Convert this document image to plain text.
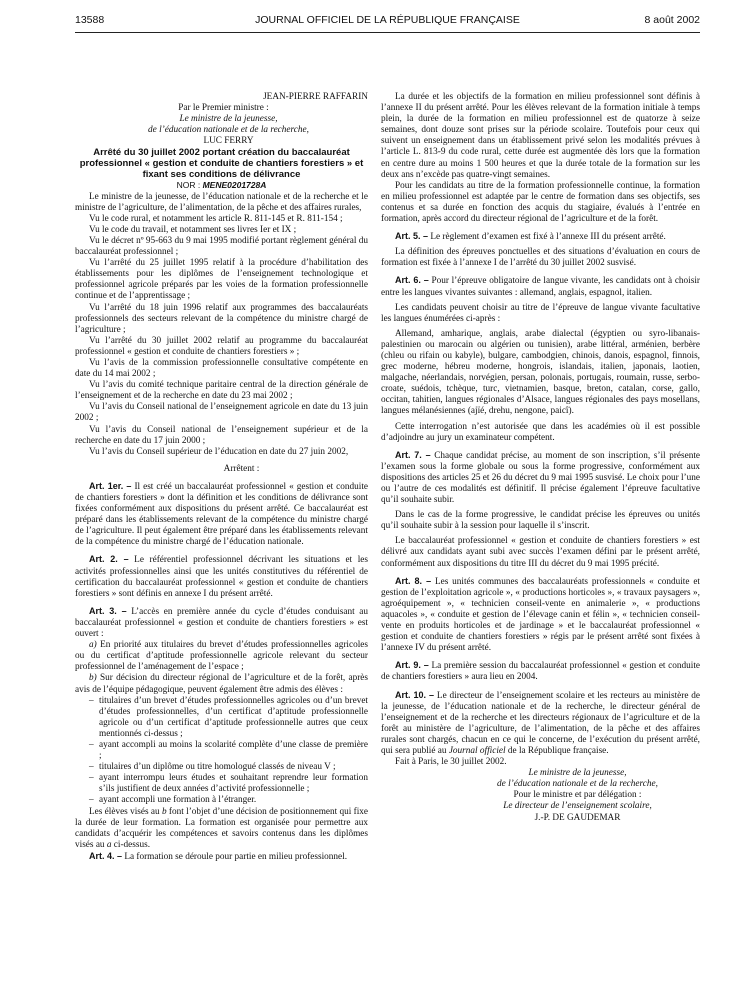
13588	JOURNAL OFFICIEL DE LA RÉPUBLIQUE FRANÇAISE	8 août 2002

JEAN-PIERRE RAFFARIN

Par le Premier ministre :

Le ministre de la jeunesse,

de l’éducation nationale et de la recherche,

LUC FERRY

Arrêté du 30 juillet 2002 portant création du baccalauréat professionnel « gestion et conduite de chantiers forestiers » et fixant ses conditions de délivrance

NOR : MENE0201728A

Le ministre de la jeunesse, de l’éducation nationale et de la recherche et le ministre de l’agriculture, de l’alimentation, de la pêche et des affaires rurales,

Vu le code rural, et notamment les article R. 811-145 et R. 811-154 ;

Vu le code du travail, et notamment ses livres Ier et IX ;

Vu le décret nº 95-663 du 9 mai 1995 modifié portant règlement général du baccalauréat professionnel ;

Vu l’arrêté du 25 juillet 1995 relatif à la procédure d’habilitation des établissements pour les diplômes de l’enseignement technologique et professionnel agricole préparés par les voies de la formation professionnelle continue et de l’apprentissage ;

Vu l’arrêté du 18 juin 1996 relatif aux programmes des baccalauréats professionnels des secteurs relevant de la compétence du ministre chargé de l’agriculture ;

Vu l’arrêté du 30 juillet 2002 relatif au programme du baccalauréat professionnel « gestion et conduite de chantiers forestiers » ;

Vu l’avis de la commission professionnelle consultative compétente en date du 14 mai 2002 ;

Vu l’avis du comité technique paritaire central de la direction générale de l’enseignement et de la recherche en date du 23 mai 2002 ;

Vu l’avis du Conseil national de l’enseignement agricole en date du 13 juin 2002 ;

Vu l’avis du Conseil national de l’enseignement supérieur et de la recherche en date du 17 juin 2000 ;

Vu l’avis du Conseil supérieur de l’éducation en date du 27 juin 2002,

Arrêtent :

Art. 1er. – Il est créé un baccalauréat professionnel « gestion et conduite de chantiers forestiers » dont la définition et les conditions de délivrance sont fixées conformément aux dispositions du présent arrêté. Ce baccalauréat est préparé dans les établissements relevant de la compétence du ministre chargé de l’agriculture. Il peut également être préparé dans les établissements relevant de la compétence du ministre chargé de l’éducation nationale.

Art. 2. – Le référentiel professionnel décrivant les situations et les activités professionnelles ainsi que les unités constitutives du référentiel de certification du baccalauréat professionnel « gestion et conduite de chantiers forestiers » sont définis en annexe I du présent arrêté.

Art. 3. – L’accès en première année du cycle d’études conduisant au baccalauréat professionnel « gestion et conduite de chantiers forestiers » est ouvert :

a) En priorité aux titulaires du brevet d’études professionnelles agricoles ou du certificat d’aptitude professionnelle agricole relevant du secteur professionnel de l’aménagement de l’espace ;

b) Sur décision du directeur régional de l’agriculture et de la forêt, après avis de l’équipe pédagogique, peuvent également être admis des élèves :

– titulaires d’un brevet d’études professionnelles agricoles ou d’un brevet d’études professionnelles, d’un certificat d’aptitude professionnelle agricole ou d’un certificat d’aptitude professionnelle autres que ceux mentionnés ci-dessus ;
– ayant accompli au moins la scolarité complète d’une classe de première ;
– titulaires d’un diplôme ou titre homologué classés de niveau V ;
– ayant interrompu leurs études et souhaitant reprendre leur formation s’ils justifient de deux années d’activité professionnelle ;
– ayant accompli une formation à l’étranger.

Les élèves visés au b font l’objet d’une décision de positionnement qui fixe la durée de leur formation. La formation est organisée pour permettre aux candidats d’acquérir les compétences et savoirs contenus dans les diplômes visés au a ci-dessus.

Art. 4. – La formation se déroule pour partie en milieu professionnel.

La durée et les objectifs de la formation en milieu professionnel sont définis à l’annexe II du présent arrêté. Pour les élèves relevant de la formation initiale à temps plein, la durée de la formation en milieu professionnel est de quatorze à seize semaines, dont douze sont prises sur la période scolaire. Toutefois pour ceux qui suivent un enseignement dans un établissement privé selon les modalités prévues à l’article L. 813-9 du code rural, cette durée est augmentée dès lors que la formation en centre dure au moins 1 500 heures et que la durée totale de la formation sur les deux ans n’excède pas quatre-vingt semaines.

Pour les candidats au titre de la formation professionnelle continue, la formation en milieu professionnel est adaptée par le centre de formation dans ses objectifs, ses contenus et sa durée en fonction des acquis du stagiaire, évalués à l’entrée en formation, après accord du directeur régional de l’agriculture et de la forêt.

Art. 5. – Le règlement d’examen est fixé à l’annexe III du présent arrêté.

La définition des épreuves ponctuelles et des situations d’évaluation en cours de formation est fixée à l’annexe I de l’arrêté du 30 juillet 2002 susvisé.

Art. 6. – Pour l’épreuve obligatoire de langue vivante, les candidats ont à choisir entre les langues vivantes suivantes : allemand, anglais, espagnol, italien.

Les candidats peuvent choisir au titre de l’épreuve de langue vivante facultative les langues énumérées ci-après :

Allemand, amharique, anglais, arabe dialectal (égyptien ou syro-libanais-palestinien ou marocain ou algérien ou tunisien), arabe littéral, arménien, berbère (chleu ou rifain ou kabyle), bulgare, cambodgien, chinois, danois, espagnol, finnois, grec moderne, hébreu moderne, hongrois, islandais, italien, japonais, laotien, malgache, néerlandais, norvégien, persan, polonais, portugais, roumain, russe, serbo-croate, suédois, tchèque, turc, vietnamien, basque, breton, catalan, corse, gallo, occitan, tahitien, langues régionales d’Alsace, langues régionales des pays mosellans, langues mélanésiennes (ajïé, drehu, nengone, paicî).

Cette interrogation n’est autorisée que dans les académies où il est possible d’adjoindre au jury un examinateur compétent.

Art. 7. – Chaque candidat précise, au moment de son inscription, s’il présente l’examen sous la forme globale ou sous la forme progressive, conformément aux dispositions des articles 25 et 26 du décret du 9 mai 1995 susvisé. Le choix pour l’une ou l’autre de ces modalités est définitif. Il précise également l’épreuve facultative qu’il souhaite subir.

Dans le cas de la forme progressive, le candidat précise les épreuves ou unités qu’il souhaite subir à la session pour laquelle il s’inscrit.

Le baccalauréat professionnel « gestion et conduite de chantiers forestiers » est délivré aux candidats ayant subi avec succès l’examen défini par le présent arrêté, conformément aux dispositions du titre III du décret du 9 mai 1995 précité.

Art. 8. – Les unités communes des baccalauréats professionnels « conduite et gestion de l’exploitation agricole », « productions horticoles », « travaux paysagers », agroéquipement », « technicien conseil-vente en animalerie », « productions aquacoles », « conduite et gestion de l’élevage canin et félin », « technicien conseil-vente en produits horticoles et de jardinage » et le baccalauréat professionnel « gestion et conduite de chantiers forestiers » régis par le présent arrêté sont fixées à l’annexe IV du présent arrêté.

Art. 9. – La première session du baccalauréat professionnel « gestion et conduite de chantiers forestiers » aura lieu en 2004.

Art. 10. – Le directeur de l’enseignement scolaire et les recteurs au ministère de la jeunesse, de l’éducation nationale et de la recherche, le directeur général de l’enseignement et de la recherche et les directeurs régionaux de l’agriculture et de la forêt au ministère de l’agriculture, de l’alimentation, de la pêche et des affaires rurales sont chargés, chacun en ce qui le concerne, de l’exécution du présent arrêté, qui sera publié au Journal officiel de la République française.

Fait à Paris, le 30 juillet 2002.

Le ministre de la jeunesse,

de l’éducation nationale et de la recherche,

Pour le ministre et par délégation :

Le directeur de l’enseignement scolaire,

J.-P. DE GAUDEMAR
